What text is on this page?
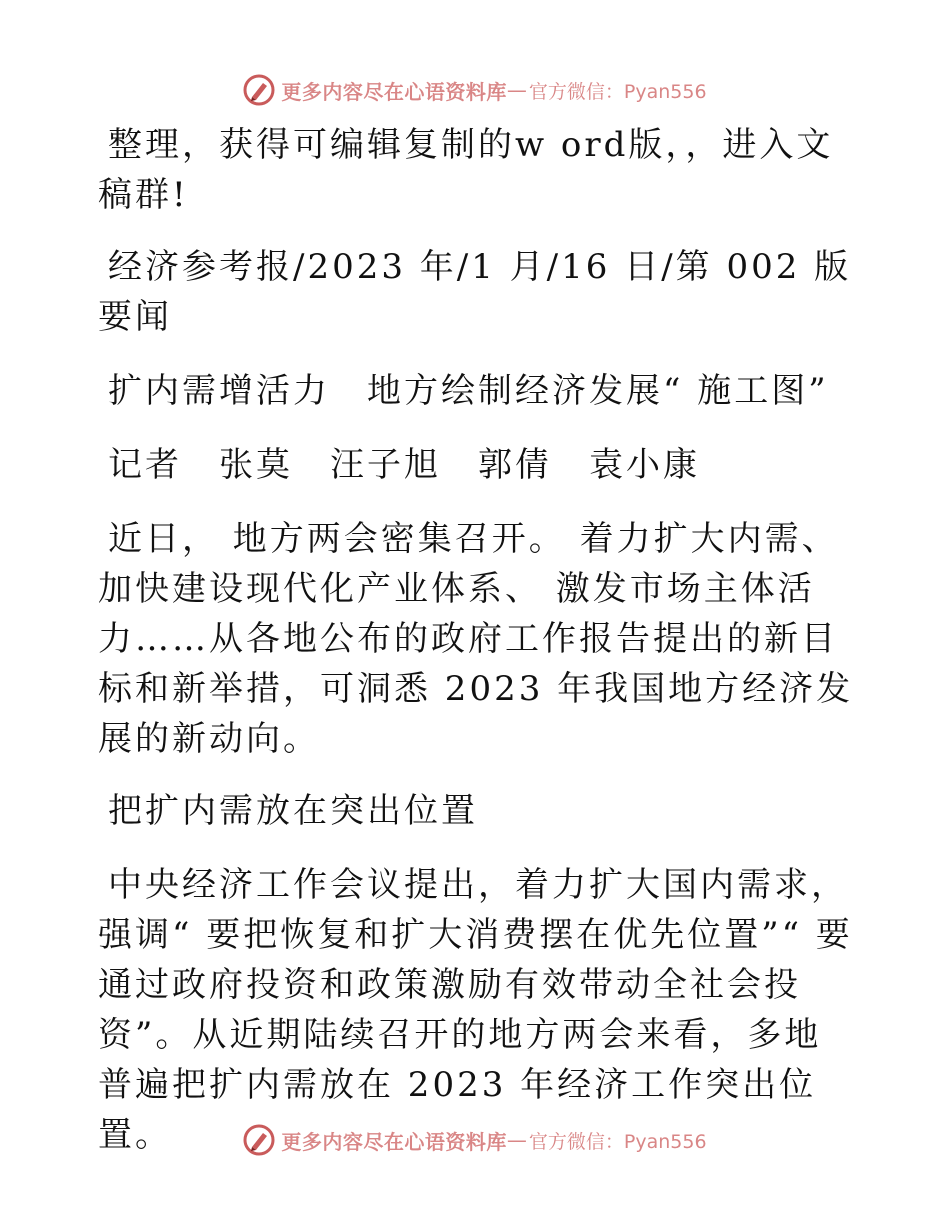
更多内容尽在心语资料库 — 官方微信：Pyan556

整理，获得可编辑复制的w ord版，，进入文稿群!

经济参考报/2023 年/1 月/16 日/第 002 版要闻

扩内需增活力　地方绘制经济发展“ 施工图”

记者　张莫　汪子旭　郭倩　袁小康

近日， 地方两会密集召开。 着力扩大内需、 加快建设现代化产业体系、 激发市场主体活力……从各地公布的政府工作报告提出的新目标和新举措，可洞悉 2023 年我国地方经济发展的新动向。

把扩内需放在突出位置

中央经济工作会议提出，着力扩大国内需求，强调“ 要把恢复和扩大消费摆在优先位置”“ 要通过政府投资和政策激励有效带动全社会投资”。从近期陆续召开的地方两会来看，多地普遍把扩内需放在 2023 年经济工作突出位置。	更多内容尽在心语资料库 — 官方微信：Pyan556
